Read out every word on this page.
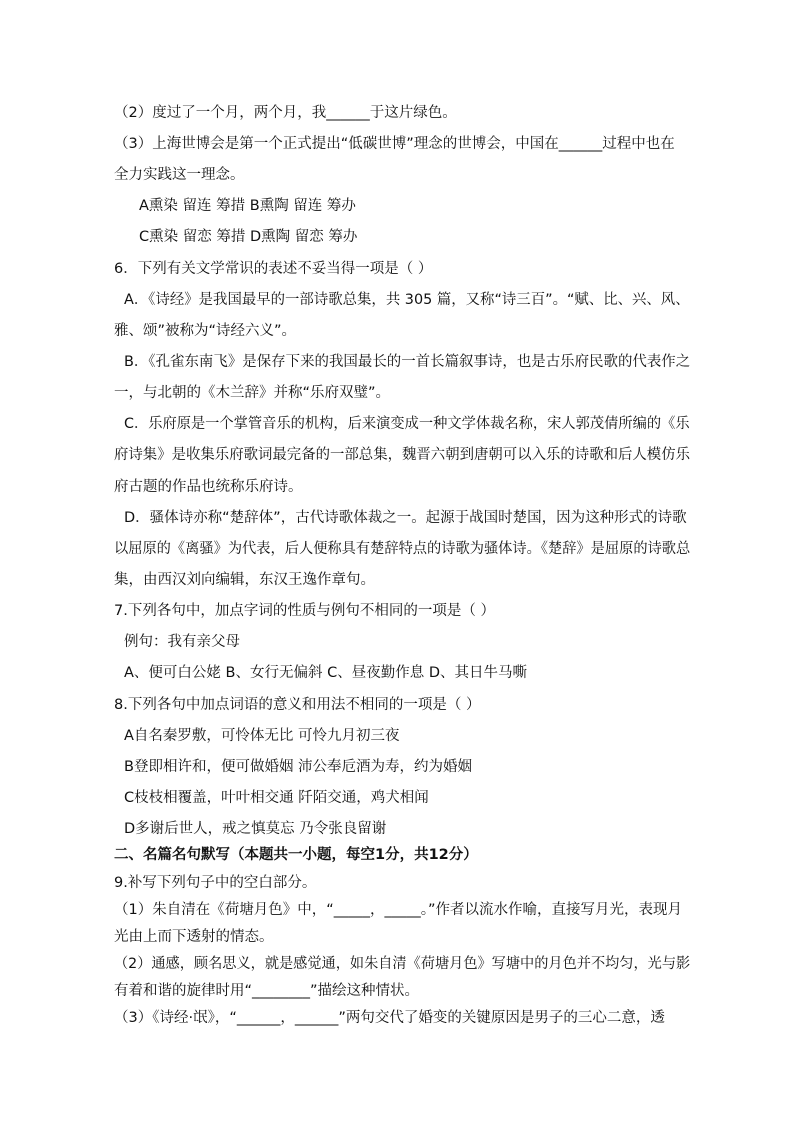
（2）度过了一个月，两个月，我______于这片绿色。
（3）上海世博会是第一个正式提出“低碳世博”理念的世博会，中国在______过程中也在
全力实践这一理念。
A熏染 留连 筹措 B熏陶 留连 筹办
C熏染 留恋 筹措 D熏陶 留恋 筹办
6．下列有关文学常识的表述不妥当得一项是（ ）
A．《诗经》是我国最早的一部诗歌总集，共 305 篇，又称“诗三百”。“赋、比、兴、风、
雅、颂”被称为“诗经六义”。
B．《孔雀东南飞》是保存下来的我国最长的一首长篇叙事诗，也是古乐府民歌的代表作之
一，与北朝的《木兰辞》并称“乐府双璧”。
C．乐府原是一个掌管音乐的机构，后来演变成一种文学体裁名称，宋人郭茂倩所编的《乐
府诗集》是收集乐府歌词最完备的一部总集，魏晋六朝到唐朝可以入乐的诗歌和后人模仿乐
府古题的作品也统称乐府诗。
D．骚体诗亦称“楚辞体”，古代诗歌体裁之一。起源于战国时楚国，因为这种形式的诗歌
以屈原的《离骚》为代表，后人便称具有楚辞特点的诗歌为骚体诗。《楚辞》是屈原的诗歌总
集，由西汉刘向编辑，东汉王逸作章句。
7.下列各句中，加点字词的性质与例句不相同的一项是（ ）
例句：我有亲父母
A、便可白公姥 B、女行无偏斜 C、昼夜勤作息 D、其日牛马嘶
8.下列各句中加点词语的意义和用法不相同的一项是（ ）
A自名秦罗敷，可怜体无比 可怜九月初三夜
B登即相许和，便可做婚姻 沛公奉卮酒为寿，约为婚姻
C枝枝相覆盖，叶叶相交通 阡陌交通，鸡犬相闻
D多谢后世人，戒之慎莫忘 乃令张良留谢
二、名篇名句默写（本题共一小题，每空1分，共12分）
9.补写下列句子中的空白部分。
（1）朱自清在《荷塘月色》中，“_____，_____。”作者以流水作喻，直接写月光，表现月
光由上而下透射的情态。
（2）通感，顾名思义，就是感觉通，如朱自清《荷塘月色》写塘中的月色并不均匀，光与影
有着和谐的旋律时用“________”描绘这种情状。
（3）《诗经·氓》，“______，______”两句交代了婚变的关键原因是男子的三心二意，透
